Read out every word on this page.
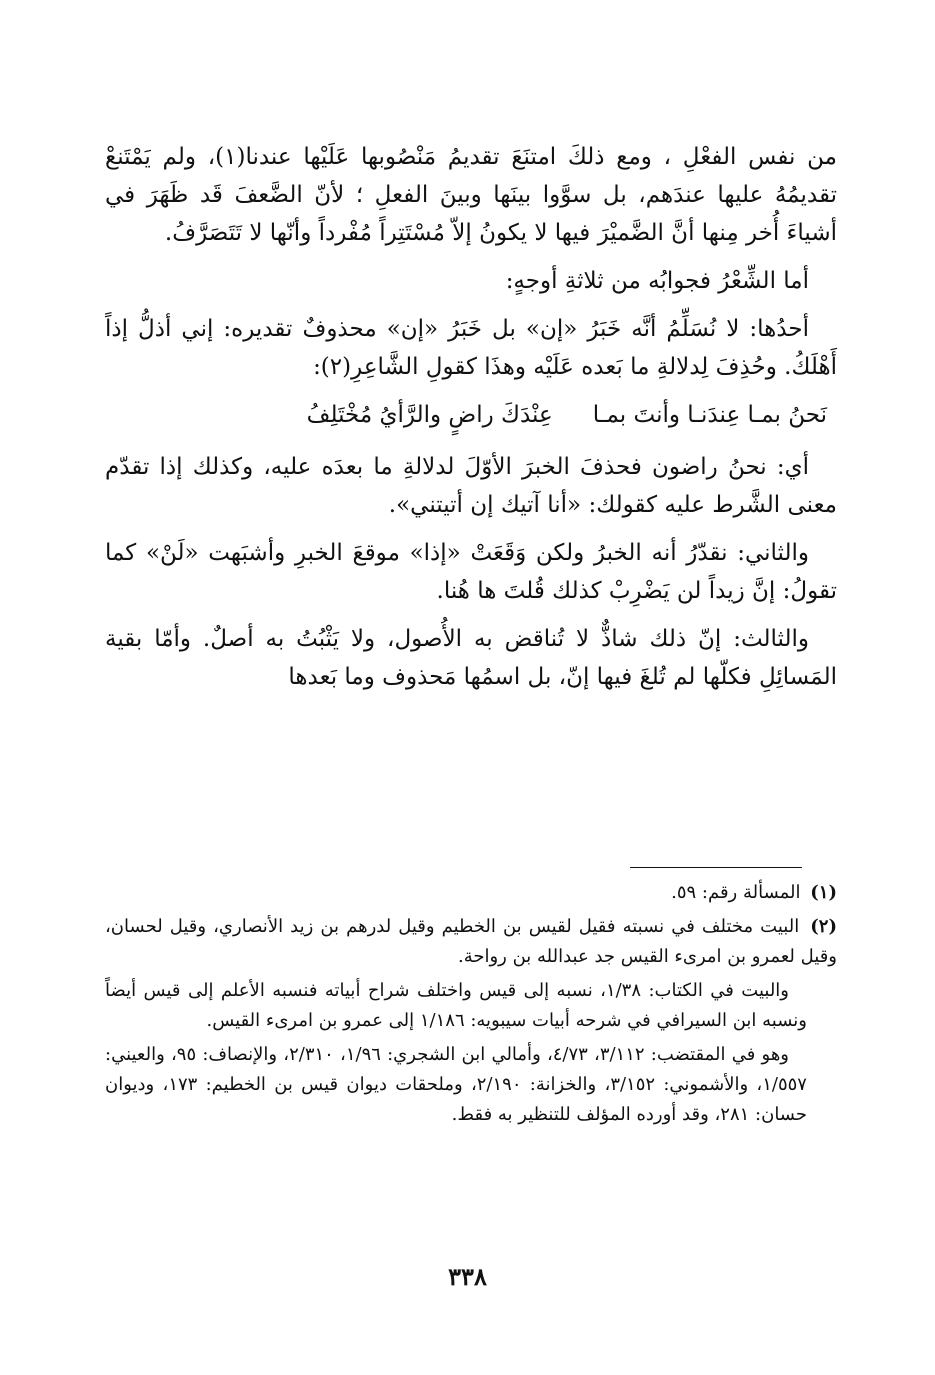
من نفس الفعْلِ ، ومع ذلكَ امتنَعَ تقديمُ مَنْصُوبها عَلَيْها عندنا(١)، ولم يَمْتَنعْ تقديمُهُ عليها عندَهم، بل سوَّوا بينَها وبينَ الفعلِ ؛ لأنّ الضَّعفَ قَد ظَهَرَ في أشياءَ أُخر مِنها أنَّ الضَّميْرَ فيها لا يكونُ إلاّ مُسْتَتِراً مُفْرداً وأنّها لا تَتَصَرَّفُ.

أما الشِّعْرُ فجوابُه من ثلاثةِ أوجهٍ:

أحدُها: لا نُسَلِّمُ أنَّه خَبَرُ «إن» بل خَبَرُ «إن» محذوفٌ تقديره: إني أذلُّ إذاً أَهْلَكُ. وحُذِفَ لِدلالةِ ما بَعده عَلَيْه وهذَا كقولِ الشَّاعِرِ(٢):

نَحنُ بمـا عِندَنـا وأنتَ بمـا
عِنْدَكَ راضٍ والرَّأيُ مُخْتَلِفُ

أي: نحنُ راضون فحذفَ الخبرَ الأوّلَ لدلالةِ ما بعدَه عليه، وكذلك إذا تقدّم معنى الشَّرط عليه كقولك: «أنا آتيك إن أتيتني».

والثاني: نقدّرُ أنه الخبرُ ولكن وَقَعَتْ «إذا» موقعَ الخبرِ وأشبَهت «لَنْ» كما تقولُ: إنَّ زيداً لن يَضْرِبْ كذلك قُلتَ ها هُنا.

والثالث: إنّ ذلك شاذٌّ لا تُناقض به الأُصول، ولا يَثْبُتُ به أصلٌ. وأمّا بقية المَسائِلِ فكلّها لم تُلغَ فيها إنّ، بل اسمُها مَحذوف وما بَعدها

(١) المسألة رقم: ٥٩.

(٢) البيت مختلف في نسبته فقيل لقيس بن الخطيم وقيل لدرهم بن زيد الأنصاري، وقيل لحسان، وقيل لعمرو بن امرىء القيس جد عبدالله بن رواحة.

والبيت في الكتاب: ١/٣٨، نسبه إلى قيس واختلف شراح أبياته فنسبه الأعلم إلى قيس أيضاً ونسبه ابن السيرافي في شرحه أبيات سيبويه: ١/١٨٦ إلى عمرو بن امرىء القيس.

وهو في المقتضب: ٣/١١٢، ٤/٧٣، وأمالي ابن الشجري: ١/٩٦، ٢/٣١٠، والإنصاف: ٩٥، والعيني: ١/٥٥٧، والأشموني: ٣/١٥٢، والخزانة: ٢/١٩٠، وملحقات ديوان قيس بن الخطيم: ١٧٣، وديوان حسان: ٢٨١، وقد أورده المؤلف للتنظير به فقط.

٣٣٨
